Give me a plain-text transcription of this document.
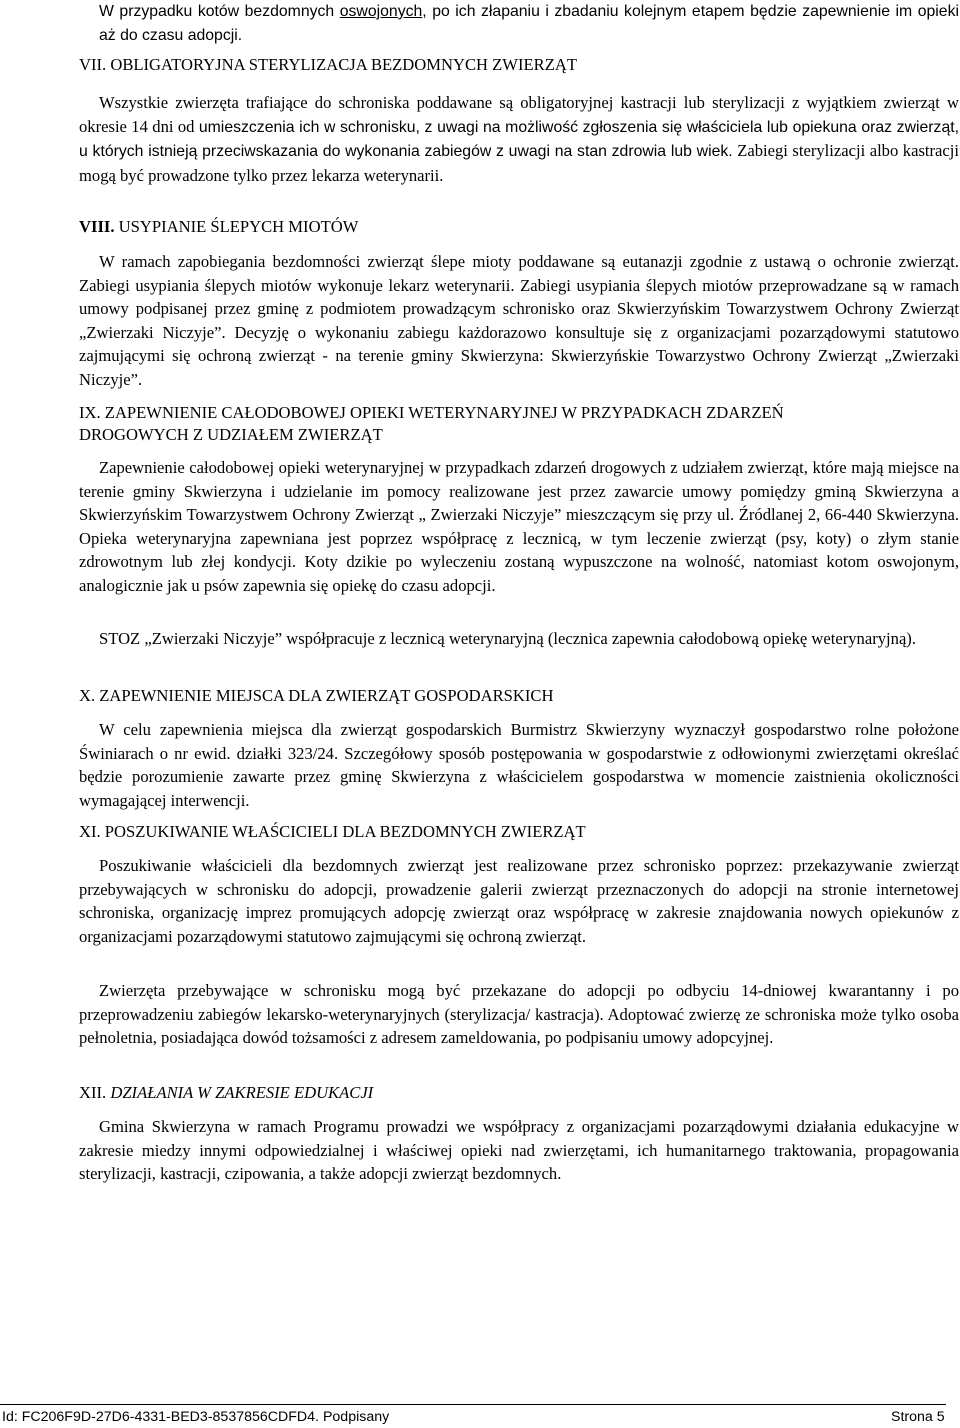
W przypadku kotów bezdomnych oswojonych, po ich złapaniu i zbadaniu kolejnym etapem będzie zapewnienie im opieki aż do czasu adopcji.

VII. OBLIGATORYJNA STERYLIZACJA BEZDOMNYCH ZWIERZĄT

Wszystkie zwierzęta trafiające do schroniska poddawane są obligatoryjnej kastracji lub sterylizacji z wyjątkiem zwierząt w okresie 14 dni od umieszczenia ich w schronisku, z uwagi na możliwość zgłoszenia się właściciela lub opiekuna oraz zwierząt, u których istnieją przeciwskazania do wykonania zabiegów z uwagi na stan zdrowia lub wiek. Zabiegi sterylizacji albo kastracji mogą być prowadzone tylko przez lekarza weterynarii.

VIII. USYPIANIE ŚLEPYCH MIOTÓW

W ramach zapobiegania bezdomności zwierząt ślepe mioty poddawane są eutanazji zgodnie z ustawą o ochronie zwierząt. Zabiegi usypiania ślepych miotów wykonuje lekarz weterynarii. Zabiegi usypiania ślepych miotów przeprowadzane są w ramach umowy podpisanej przez gminę z podmiotem prowadzącym schronisko oraz Skwierzyńskim Towarzystwem Ochrony Zwierząt „Zwierzaki Niczyje”. Decyzję o wykonaniu zabiegu każdorazowo konsultuje się z organizacjami pozarządowymi statutowo zajmującymi się ochroną zwierząt - na terenie gminy Skwierzyna: Skwierzyńskie Towarzystwo Ochrony Zwierząt „Zwierzaki Niczyje”.

IX. ZAPEWNIENIE CAŁODOBOWEJ OPIEKI WETERYNARYJNEJ W PRZYPADKACH ZDARZEŃ
DROGOWYCH Z UDZIAŁEM ZWIERZĄT

Zapewnienie całodobowej opieki weterynaryjnej w przypadkach zdarzeń drogowych z udziałem zwierząt, które mają miejsce na terenie gminy Skwierzyna i udzielanie im pomocy realizowane jest przez zawarcie umowy pomiędzy gminą Skwierzyna a Skwierzyńskim Towarzystwem Ochrony Zwierząt „ Zwierzaki Niczyje” mieszczącym się przy ul. Źródlanej 2, 66-440 Skwierzyna. Opieka weterynaryjna zapewniana jest poprzez współpracę z lecznicą, w tym leczenie zwierząt (psy, koty) o złym stanie zdrowotnym lub złej kondycji. Koty dzikie po wyleczeniu zostaną wypuszczone na wolność, natomiast kotom oswojonym, analogicznie jak u psów zapewnia się opiekę do czasu adopcji.

STOZ „Zwierzaki Niczyje” współpracuje z lecznicą weterynaryjną (lecznica zapewnia całodobową opiekę weterynaryjną).

X. ZAPEWNIENIE MIEJSCA DLA ZWIERZĄT GOSPODARSKICH

W celu zapewnienia miejsca dla zwierząt gospodarskich Burmistrz Skwierzyny wyznaczył gospodarstwo rolne położone Świniarach o nr ewid. działki 323/24. Szczegółowy sposób postępowania w gospodarstwie z odłowionymi zwierzętami określać będzie porozumienie zawarte przez gminę Skwierzyna z właścicielem gospodarstwa w momencie zaistnienia okoliczności wymagającej interwencji.

XI. POSZUKIWANIE WŁAŚCICIELI DLA BEZDOMNYCH ZWIERZĄT

Poszukiwanie właścicieli dla bezdomnych zwierząt jest realizowane przez schronisko poprzez: przekazywanie zwierząt przebywających w schronisku do adopcji, prowadzenie galerii zwierząt przeznaczonych do adopcji na stronie internetowej schroniska, organizację imprez promujących adopcję zwierząt oraz współpracę w zakresie znajdowania nowych opiekunów z organizacjami pozarządowymi statutowo zajmującymi się ochroną zwierząt.

Zwierzęta przebywające w schronisku mogą być przekazane do adopcji po odbyciu 14-dniowej kwarantanny i po przeprowadzeniu zabiegów lekarsko-weterynaryjnych (sterylizacja/ kastracja). Adoptować zwierzę ze schroniska może tylko osoba pełnoletnia, posiadająca dowód tożsamości z adresem zameldowania, po podpisaniu umowy adopcyjnej.

XII. DZIAŁANIA W ZAKRESIE EDUKACJI

Gmina Skwierzyna w ramach Programu prowadzi we współpracy z organizacjami pozarządowymi działania edukacyjne w zakresie miedzy innymi odpowiedzialnej i właściwej opieki nad zwierzętami, ich humanitarnego traktowania, propagowania sterylizacji, kastracji, czipowania, a także adopcji zwierząt bezdomnych.

Id: FC206F9D-27D6-4331-BED3-8537856CDFD4. Podpisany	Strona 5
